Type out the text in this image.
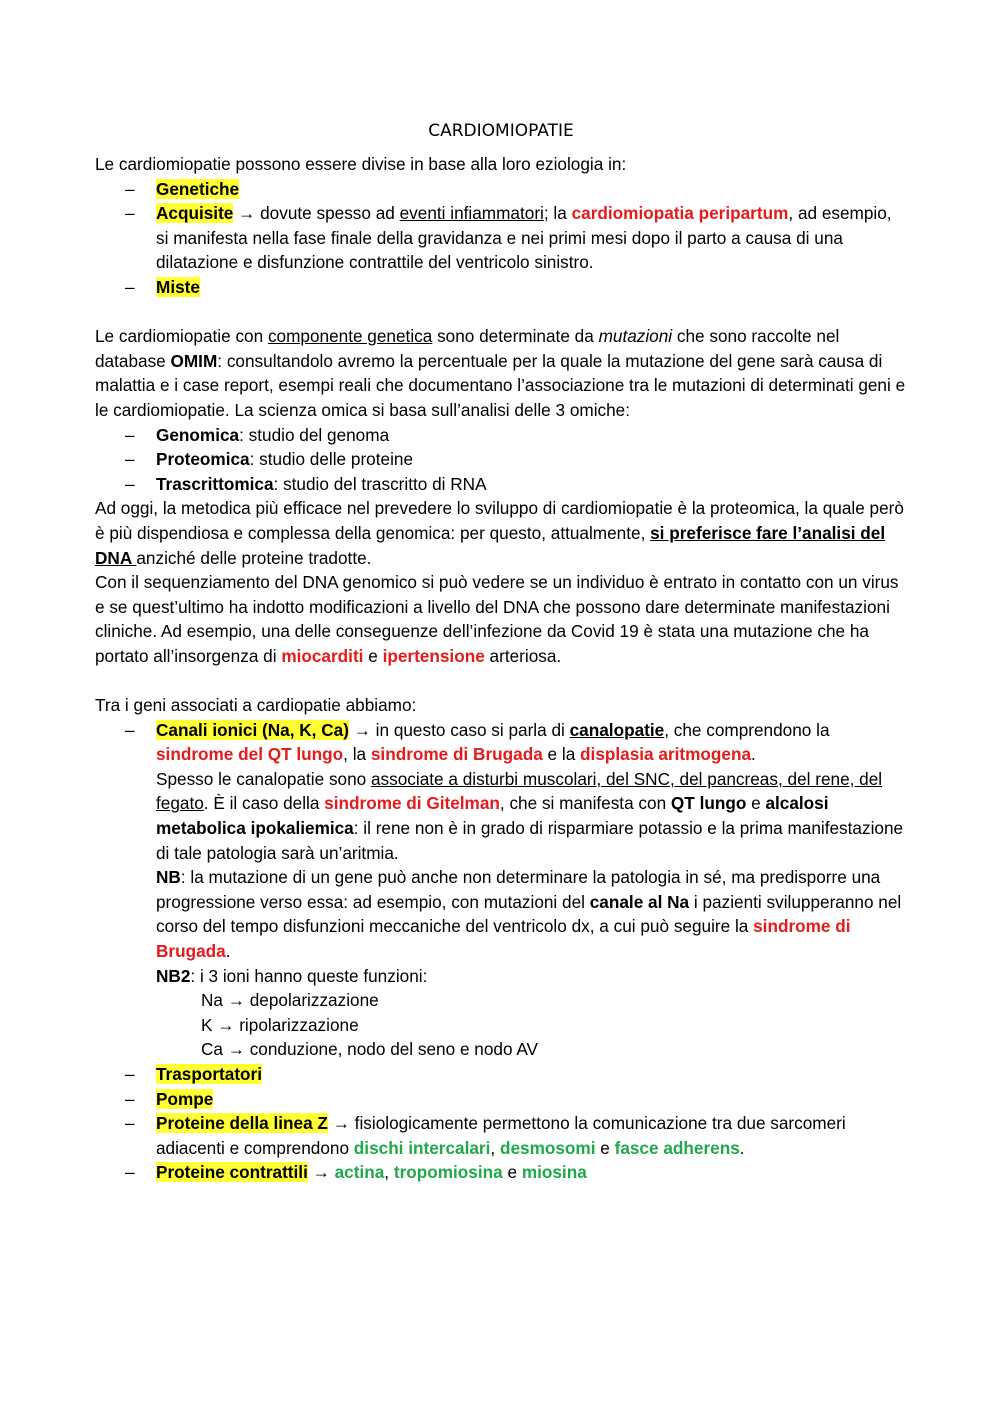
CARDIOMIOPATIE

Le cardiomiopatie possono essere divise in base alla loro eziologia in:

– Genetiche
– Acquisite → dovute spesso ad eventi infiammatori; la cardiomiopatia peripartum, ad esempio, si manifesta nella fase finale della gravidanza e nei primi mesi dopo il parto a causa di una dilatazione e disfunzione contrattile del ventricolo sinistro.
– Miste

Le cardiomiopatie con componente genetica sono determinate da mutazioni che sono raccolte nel database OMIM: consultandolo avremo la percentuale per la quale la mutazione del gene sarà causa di malattia e i case report, esempi reali che documentano l’associazione tra le mutazioni di determinati geni e le cardiomiopatie. La scienza omica si basa sull’analisi delle 3 omiche:

– Genomica: studio del genoma
– Proteomica: studio delle proteine
– Trascrittomica: studio del trascritto di RNA

Ad oggi, la metodica più efficace nel prevedere lo sviluppo di cardiomiopatie è la proteomica, la quale però è più dispendiosa e complessa della genomica: per questo, attualmente, si preferisce fare l’analisi del DNA anziché delle proteine tradotte.

Con il sequenziamento del DNA genomico si può vedere se un individuo è entrato in contatto con un virus e se quest’ultimo ha indotto modificazioni a livello del DNA che possono dare determinate manifestazioni cliniche. Ad esempio, una delle conseguenze dell’infezione da Covid 19 è stata una mutazione che ha portato all’insorgenza di miocarditi e ipertensione arteriosa.

Tra i geni associati a cardiopatie abbiamo:

– Canali ionici (Na, K, Ca) → in questo caso si parla di canalopatie, che comprendono la sindrome del QT lungo, la sindrome di Brugada e la displasia aritmogena.

Spesso le canalopatie sono associate a disturbi muscolari, del SNC, del pancreas, del rene, del fegato. È il caso della sindrome di Gitelman, che si manifesta con QT lungo e alcalosi metabolica ipokaliemica: il rene non è in grado di risparmiare potassio e la prima manifestazione di tale patologia sarà un’aritmia.

NB: la mutazione di un gene può anche non determinare la patologia in sé, ma predisporre una progressione verso essa: ad esempio, con mutazioni del canale al Na i pazienti svilupperanno nel corso del tempo disfunzioni meccaniche del ventricolo dx, a cui può seguire la sindrome di Brugada.

NB2: i 3 ioni hanno queste funzioni:

Na → depolarizzazione

K → ripolarizzazione

Ca → conduzione, nodo del seno e nodo AV

– Trasportatori
– Pompe
– Proteine della linea Z → fisiologicamente permettono la comunicazione tra due sarcomeri adiacenti e comprendono dischi intercalari, desmosomi e fasce adherens.
– Proteine contrattili → actina, tropomiosina e miosina
